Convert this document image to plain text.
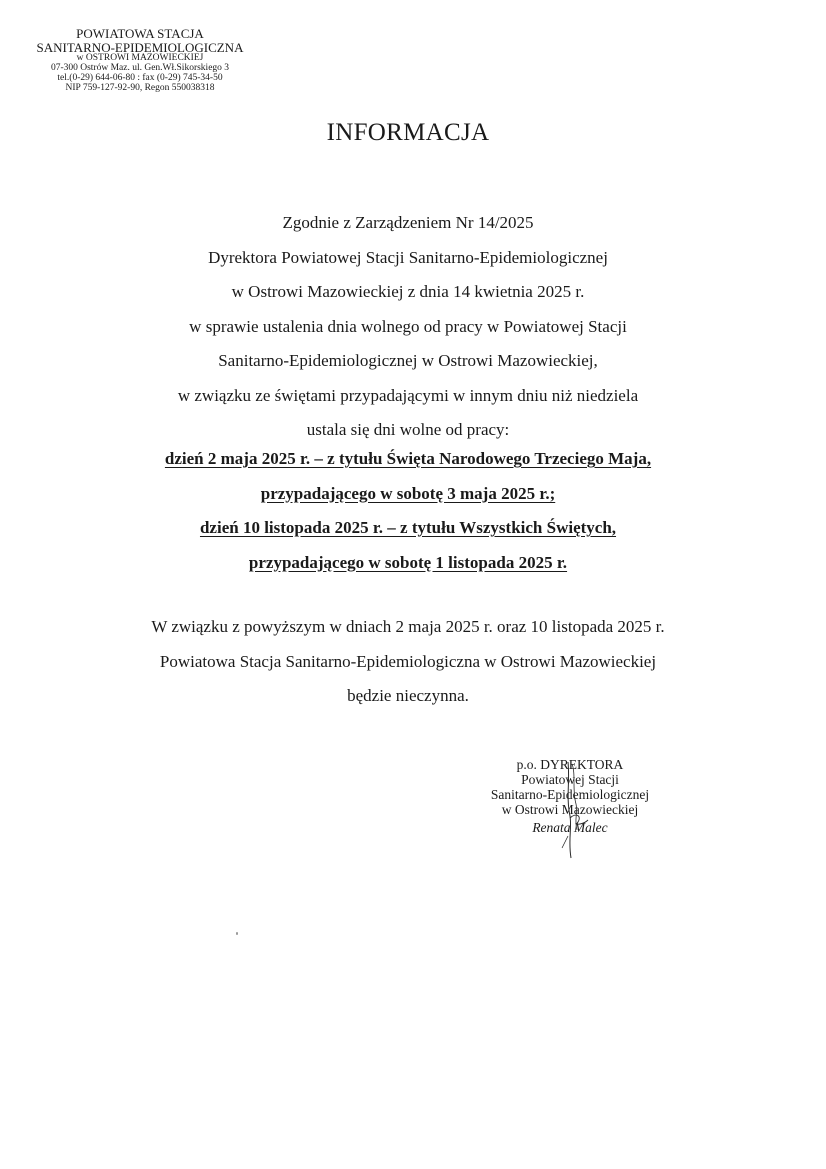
POWIATOWA STACJA
SANITARNO-EPIDEMIOLOGICZNA
w OSTROWI MAZOWIECKIEJ
07-300 Ostrów Maz. ul. Gen.Wł.Sikorskiego 3
tel.(0-29) 644-06-80 : fax (0-29) 745-34-50
NIP 759-127-92-90, Regon 550038318
INFORMACJA
Zgodnie z Zarządzeniem Nr 14/2025
Dyrektora Powiatowej Stacji Sanitarno-Epidemiologicznej
w Ostrowi Mazowieckiej z dnia 14 kwietnia 2025 r.
w sprawie ustalenia dnia wolnego od pracy w Powiatowej Stacji
Sanitarno-Epidemiologicznej w Ostrowi Mazowieckiej,
w związku ze świętami przypadającymi w innym dniu niż niedziela
ustala się dni wolne od pracy:
dzień 2 maja 2025 r. – z tytułu Święta Narodowego Trzeciego Maja,
przypadającego w sobotę 3 maja 2025 r.;
dzień 10 listopada 2025 r. – z tytułu Wszystkich Świętych,
przypadającego w sobotę 1 listopada 2025 r.
W związku z powyższym w dniach 2 maja 2025 r. oraz 10 listopada 2025 r.
Powiatowa Stacja Sanitarno-Epidemiologiczna w Ostrowi Mazowieckiej
będzie nieczynna.
p.o. DYREKTORA
Powiatowej Stacji
Sanitarno-Epidemiologicznej
w Ostrowi Mazowieckiej
Renata Malec
